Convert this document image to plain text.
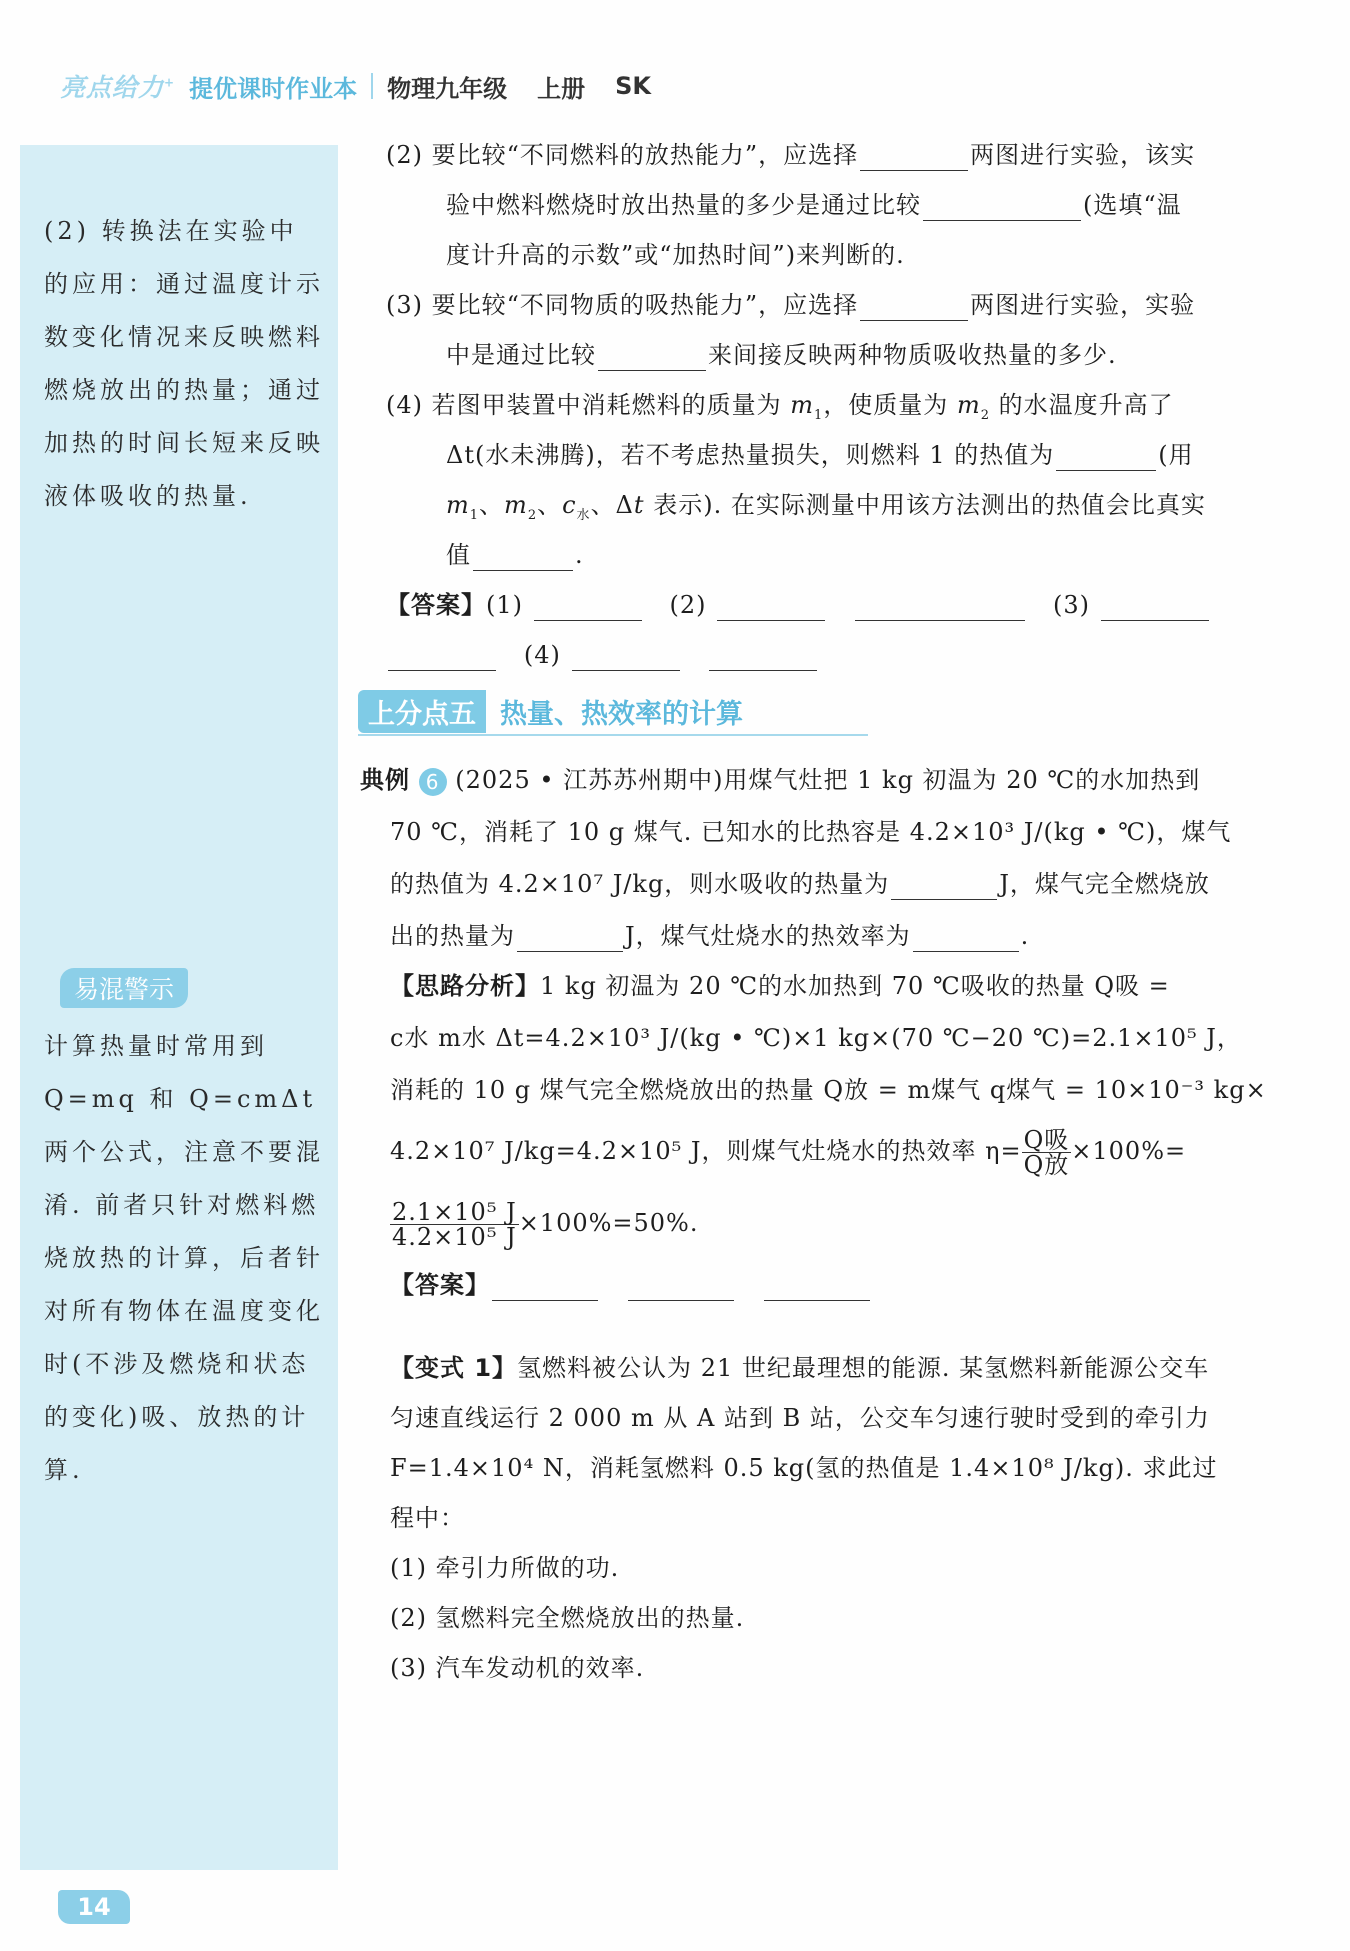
亮点给力+ 提优课时作业本 物理九年级 上册 SK

(2) 转换法在实验中的应用：通过温度计示数变化情况来反映燃料燃烧放出的热量；通过加热的时间长短来反映液体吸收的热量.

易混警示

计算热量时常用到Q=mq 和 Q=cmΔt两个公式，注意不要混淆. 前者只针对燃料燃烧放热的计算，后者针对所有物体在温度变化时(不涉及燃烧和状态的变化)吸、放热的计算.

(2) 要比较“不同燃料的放热能力”，应选择	两图进行实验，该实
验中燃料燃烧时放出热量的多少是通过比较	(选填“温
度计升高的示数”或“加热时间”)来判断的.
(3) 要比较“不同物质的吸热能力”，应选择	两图进行实验，实验
中是通过比较	来间接反映两种物质吸收热量的多少.
(4) 若图甲装置中消耗燃料的质量为 $m_1$，使质量为 $m_2$ 的水温度升高了
Δt(水未沸腾)，若不考虑热量损失，则燃料 1 的热值为	(用
$m_1$、$m_2$、$c_水$、Δt 表示). 在实际测量中用该方法测出的热值会比真实
值	.
【答案】(1)	(2)	(3)
(4)
上分点五 热量、热效率的计算
典例 6 (2025 • 江苏苏州期中)用煤气灶把 1 kg 初温为 20 ℃的水加热到
70 ℃，消耗了 10 g 煤气. 已知水的比热容是 4.2×10³ J/(kg • ℃)，煤气
的热值为 4.2×10⁷ J/kg，则水吸收的热量为	J，煤气完全燃烧放
出的热量为	J，煤气灶烧水的热效率为	.
【思路分析】1 kg 初温为 20 ℃的水加热到 70 ℃吸收的热量 Q吸 =
c水 m水 Δt=4.2×10³ J/(kg • ℃)×1 kg×(70 ℃−20 ℃)=2.1×10⁵ J，
消耗的 10 g 煤气完全燃烧放出的热量 Q放 = m煤气 q煤气 = 10×10⁻³ kg×
4.2×10⁷ J/kg=4.2×10⁵ J，则煤气灶烧水的热效率 $\eta= \frac{\text{Q吸}}{\text{Q放}} \times 100\%=$
$\frac{\text{2.1×10⁵ J}}{\text{4.2×10⁵ J}} \times 100\%=50\%$.
【答案】
【变式 1】氢燃料被公认为 21 世纪最理想的能源. 某氢燃料新能源公交车
匀速直线运行 2 000 m 从 A 站到 B 站，公交车匀速行驶时受到的牵引力
F=1.4×10⁴ N，消耗氢燃料 0.5 kg(氢的热值是 1.4×10⁸ J/kg). 求此过
程中：
(1) 牵引力所做的功.
(2) 氢燃料完全燃烧放出的热量.
(3) 汽车发动机的效率.
14
